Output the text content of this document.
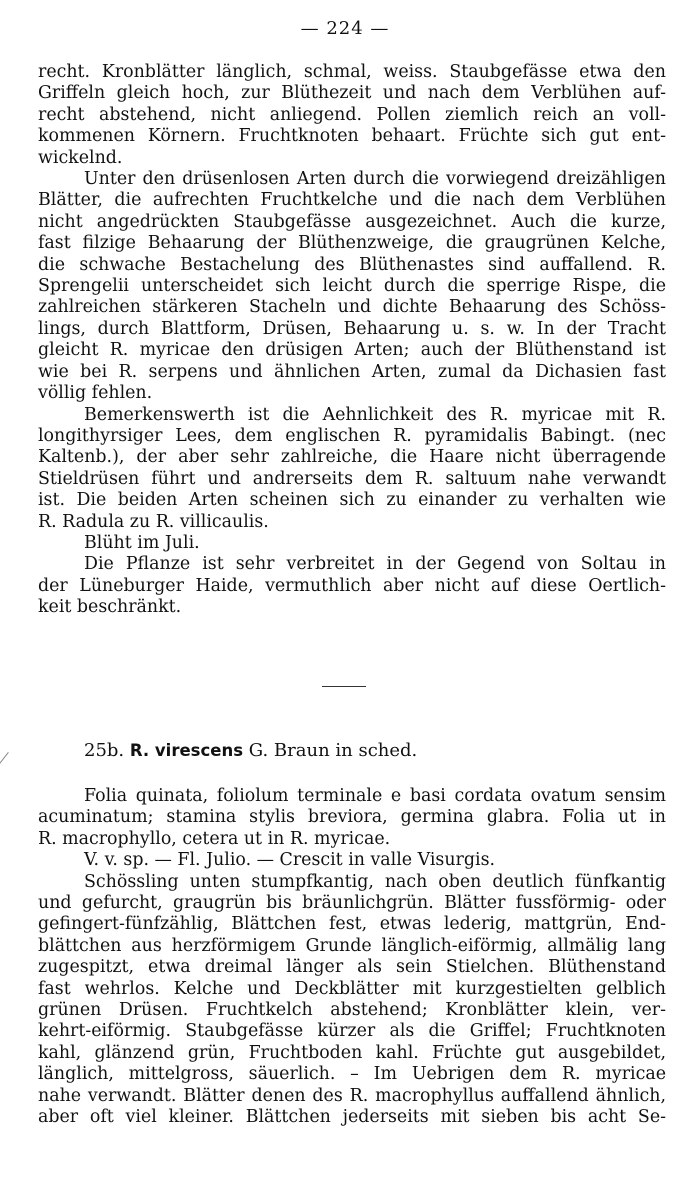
— 224 —
recht. Kronblätter länglich, schmal, weiss. Staubgefässe etwa den
Griffeln gleich hoch, zur Blüthezeit und nach dem Verblühen auf-
recht abstehend, nicht anliegend. Pollen ziemlich reich an voll-
kommenen Körnern. Fruchtknoten behaart. Früchte sich gut ent-
wickelnd.
Unter den drüsenlosen Arten durch die vorwiegend dreizähligen
Blätter, die aufrechten Fruchtkelche und die nach dem Verblühen
nicht angedrückten Staubgefässe ausgezeichnet. Auch die kurze,
fast filzige Behaarung der Blüthenzweige, die graugrünen Kelche,
die schwache Bestachelung des Blüthenastes sind auffallend. R.
Sprengelii unterscheidet sich leicht durch die sperrige Rispe, die
zahlreichen stärkeren Stacheln und dichte Behaarung des Schöss-
lings, durch Blattform, Drüsen, Behaarung u. s. w. In der Tracht
gleicht R. myricae den drüsigen Arten; auch der Blüthenstand ist
wie bei R. serpens und ähnlichen Arten, zumal da Dichasien fast
völlig fehlen.
Bemerkenswerth ist die Aehnlichkeit des R. myricae mit R.
longithyrsiger Lees, dem englischen R. pyramidalis Babingt. (nec
Kaltenb.), der aber sehr zahlreiche, die Haare nicht überragende
Stieldrüsen führt und andrerseits dem R. saltuum nahe verwandt
ist. Die beiden Arten scheinen sich zu einander zu verhalten wie
R. Radula zu R. villicaulis.
Blüht im Juli.
Die Pflanze ist sehr verbreitet in der Gegend von Soltau in
der Lüneburger Haide, vermuthlich aber nicht auf diese Oertlich-
keit beschränkt.
25b. R. virescens G. Braun in sched.
Folia quinata, foliolum terminale e basi cordata ovatum sensim
acuminatum; stamina stylis breviora, germina glabra. Folia ut in
R. macrophyllo, cetera ut in R. myricae.
V. v. sp. — Fl. Julio. — Crescit in valle Visurgis.
Schössling unten stumpfkantig, nach oben deutlich fünfkantig
und gefurcht, graugrün bis bräunlichgrün. Blätter fussförmig- oder
gefingert-fünfzählig, Blättchen fest, etwas lederig, mattgrün, End-
blättchen aus herzförmigem Grunde länglich-eiförmig, allmälig lang
zugespitzt, etwa dreimal länger als sein Stielchen. Blüthenstand
fast wehrlos. Kelche und Deckblätter mit kurzgestielten gelblich
grünen Drüsen. Fruchtkelch abstehend; Kronblätter klein, ver-
kehrt-eiförmig. Staubgefässe kürzer als die Griffel; Fruchtknoten
kahl, glänzend grün, Fruchtboden kahl. Früchte gut ausgebildet,
länglich, mittelgross, säuerlich. – Im Uebrigen dem R. myricae
nahe verwandt. Blätter denen des R. macrophyllus auffallend ähnlich,
aber oft viel kleiner. Blättchen jederseits mit sieben bis acht Se-
